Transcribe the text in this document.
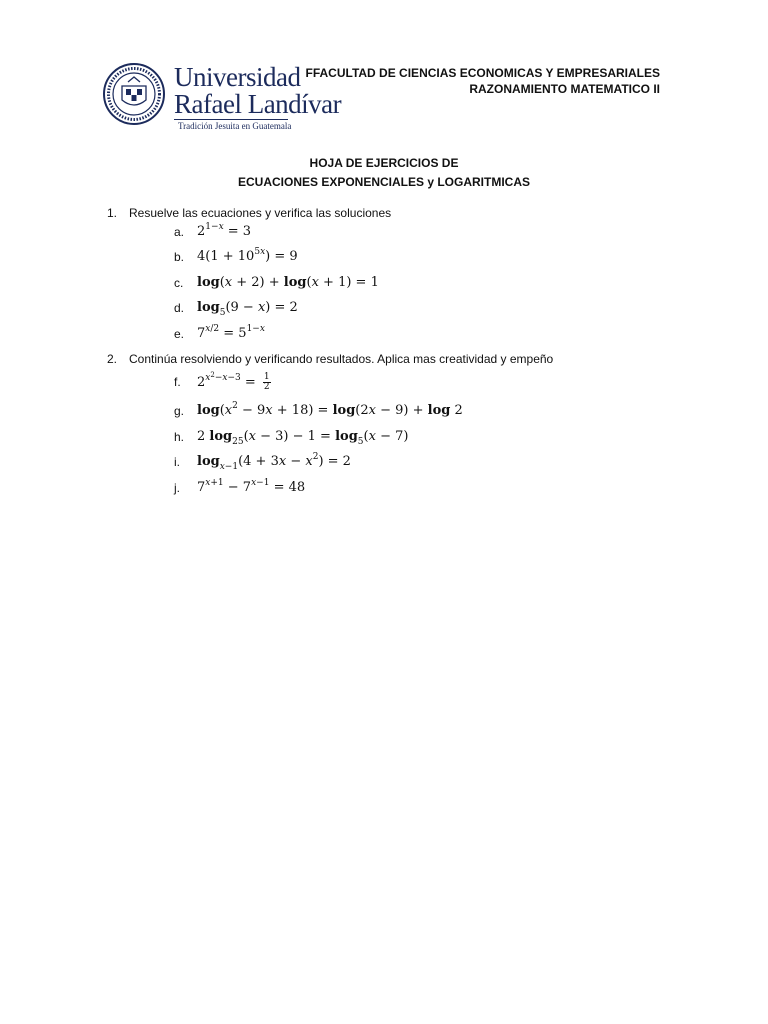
Universidad
Rafael Landívar
Tradición Jesuita en Guatemala
FFACULTAD DE CIENCIAS ECONOMICAS Y EMPRESARIALES
RAZONAMIENTO MATEMATICO II
HOJA DE EJERCICIOS DE
ECUACIONES EXPONENCIALES y LOGARITMICAS
1. Resuelve las ecuaciones y verifica las soluciones
a. $2^{1-x} = 3$
b. $4(1 + 10^{5x}) = 9$
c. log(x + 2) + log(x + 1) = 1
d. $\log_5(9 - x) = 2$
e. $7^{x/2} = 5^{1-x}$
2. Continúa resolviendo y verificando resultados. Aplica mas creatividad y empeño
f. $2^{x^2-x-3} = \frac{1}{2}$
g. $\log(x^2 - 9x + 18) = \log(2x - 9) + \log 2$
h. 2 $\log_{25}(x - 3) - 1 = \log_5(x - 7)$
i. $\log_{x-1}(4 + 3x - x^2) = 2$
j. $7^{x+1} - 7^{x-1} = 48$
